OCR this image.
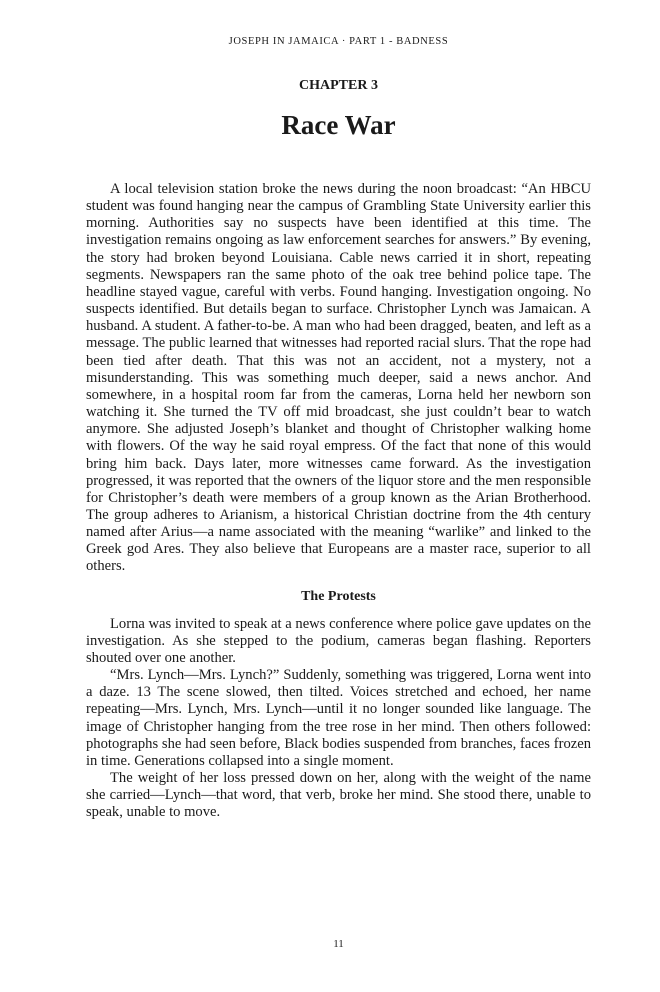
JOSEPH IN JAMAICA · PART 1 - BADNESS
CHAPTER 3
Race War

A local television station broke the news during the noon broadcast: “An HBCU student was found hanging near the campus of Grambling State University earlier this morning. Authorities say no suspects have been identified at this time. The investigation remains ongoing as law enforcement searches for answers.” By evening, the story had broken beyond Louisiana. Cable news carried it in short, repeating segments. Newspapers ran the same photo of the oak tree behind police tape. The headline stayed vague, careful with verbs. Found hanging. Investigation ongoing. No suspects identified. But details began to surface. Christopher Lynch was Jamaican. A husband. A student. A father-to-be. A man who had been dragged, beaten, and left as a message. The public learned that witnesses had reported racial slurs. That the rope had been tied after death. That this was not an accident, not a mystery, not a misunderstanding. This was something much deeper, said a news anchor. And somewhere, in a hospital room far from the cameras, Lorna held her newborn son watching it. She turned the TV off mid broadcast, she just couldn’t bear to watch anymore. She adjusted Joseph’s blanket and thought of Christopher walking home with flowers. Of the way he said royal empress. Of the fact that none of this would bring him back. Days later, more witnesses came forward. As the investigation progressed, it was reported that the owners of the liquor store and the men responsible for Christopher’s death were members of a group known as the Arian Brotherhood. The group adheres to Arianism, a historical Christian doctrine from the 4th century named after Arius—a name associated with the meaning “warlike” and linked to the Greek god Ares. They also believe that Europeans are a master race, superior to all others.

The Protests

Lorna was invited to speak at a news conference where police gave updates on the investigation. As she stepped to the podium, cameras began flashing. Reporters shouted over one another.

“Mrs. Lynch—Mrs. Lynch?” Suddenly, something was triggered, Lorna went into a daze. 13 The scene slowed, then tilted. Voices stretched and echoed, her name repeating—Mrs. Lynch, Mrs. Lynch—until it no longer sounded like language. The image of Christopher hanging from the tree rose in her mind. Then others followed: photographs she had seen before, Black bodies suspended from branches, faces frozen in time. Generations collapsed into a single moment.

The weight of her loss pressed down on her, along with the weight of the name she carried—Lynch—that word, that verb, broke her mind. She stood there, unable to speak, unable to move.

11
